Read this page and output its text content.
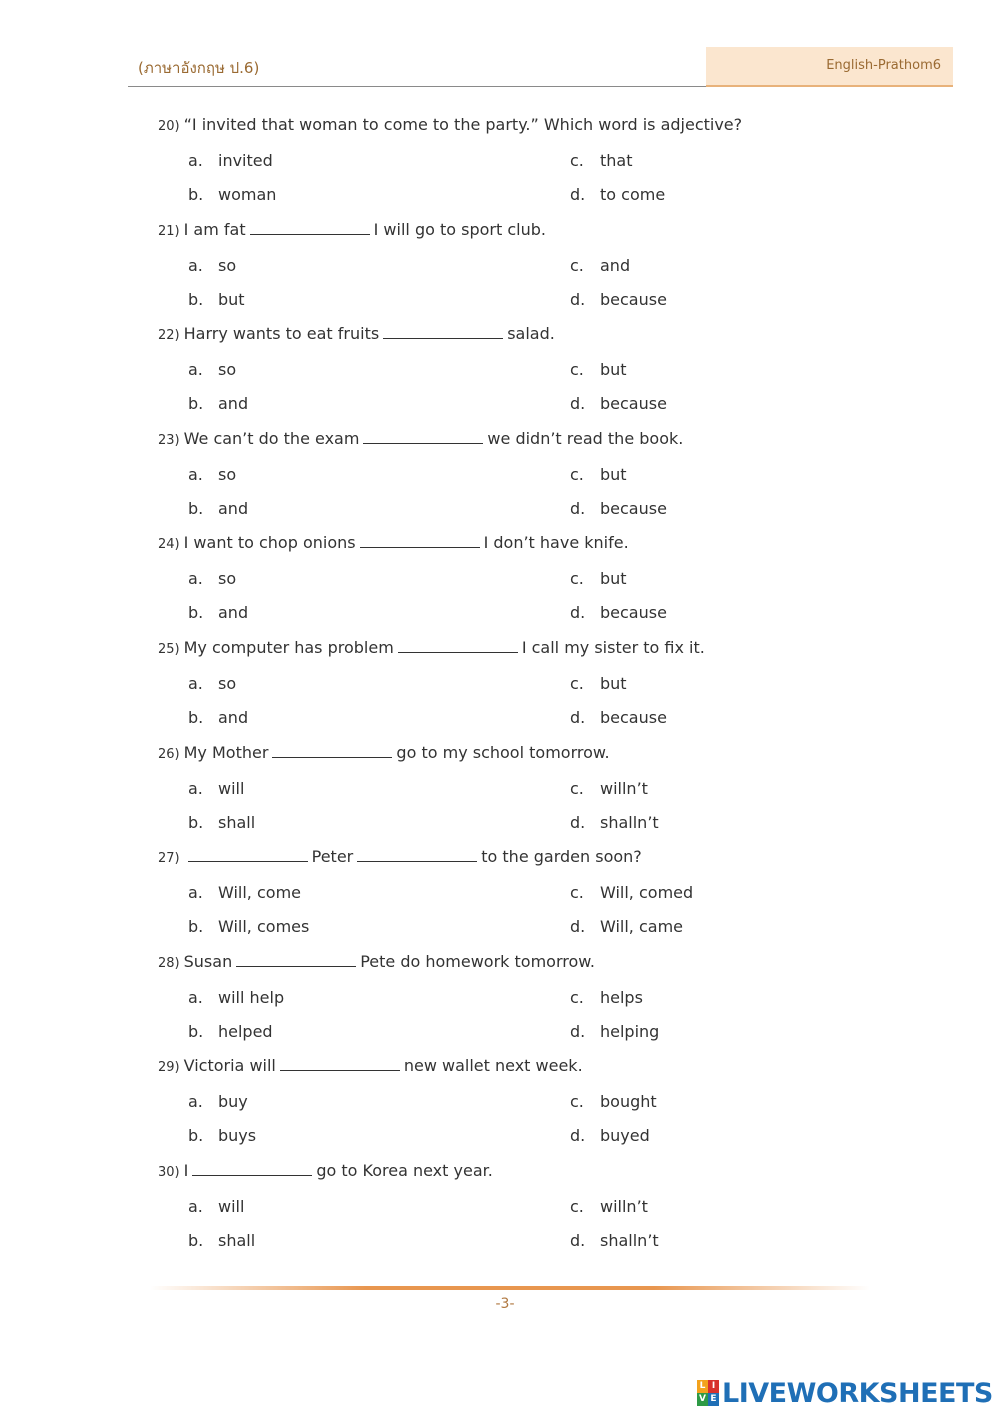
(ภาษาอังกฤษ ป.6)	English-Prathom6
20) “I invited that woman to come to the party.” Which word is adjective?
a. invited	c. that
b. woman	d. to come
21) I am fat	I will go to sport club.
a. so	c. and
b. but	d. because
22) Harry wants to eat fruits	salad.
a. so	c. but
b. and	d. because
23) We can’t do the exam	we didn’t read the book.
a. so	c. but
b. and	d. because
24) I want to chop onions	I don’t have knife.
a. so	c. but
b. and	d. because
25) My computer has problem	I call my sister to fix it.
a. so	c. but
b. and	d. because
26) My Mother	go to my school tomorrow.
a. will	c. willn’t
b. shall	d. shalln’t
27)	Peter	to the garden soon?
a. Will, come	c. Will, comed
b. Will, comes	d. Will, came
28) Susan	Pete do homework tomorrow.
a. will help	c. helps
b. helped	d. helping
29) Victoria will	new wallet next week.
a. buy	c. bought
b. buys	d. buyed
30) I	go to Korea next year.
a. will	c. willn’t
b. shall	d. shalln’t
-3-
L I
V E LIVEWORKSHEETS
